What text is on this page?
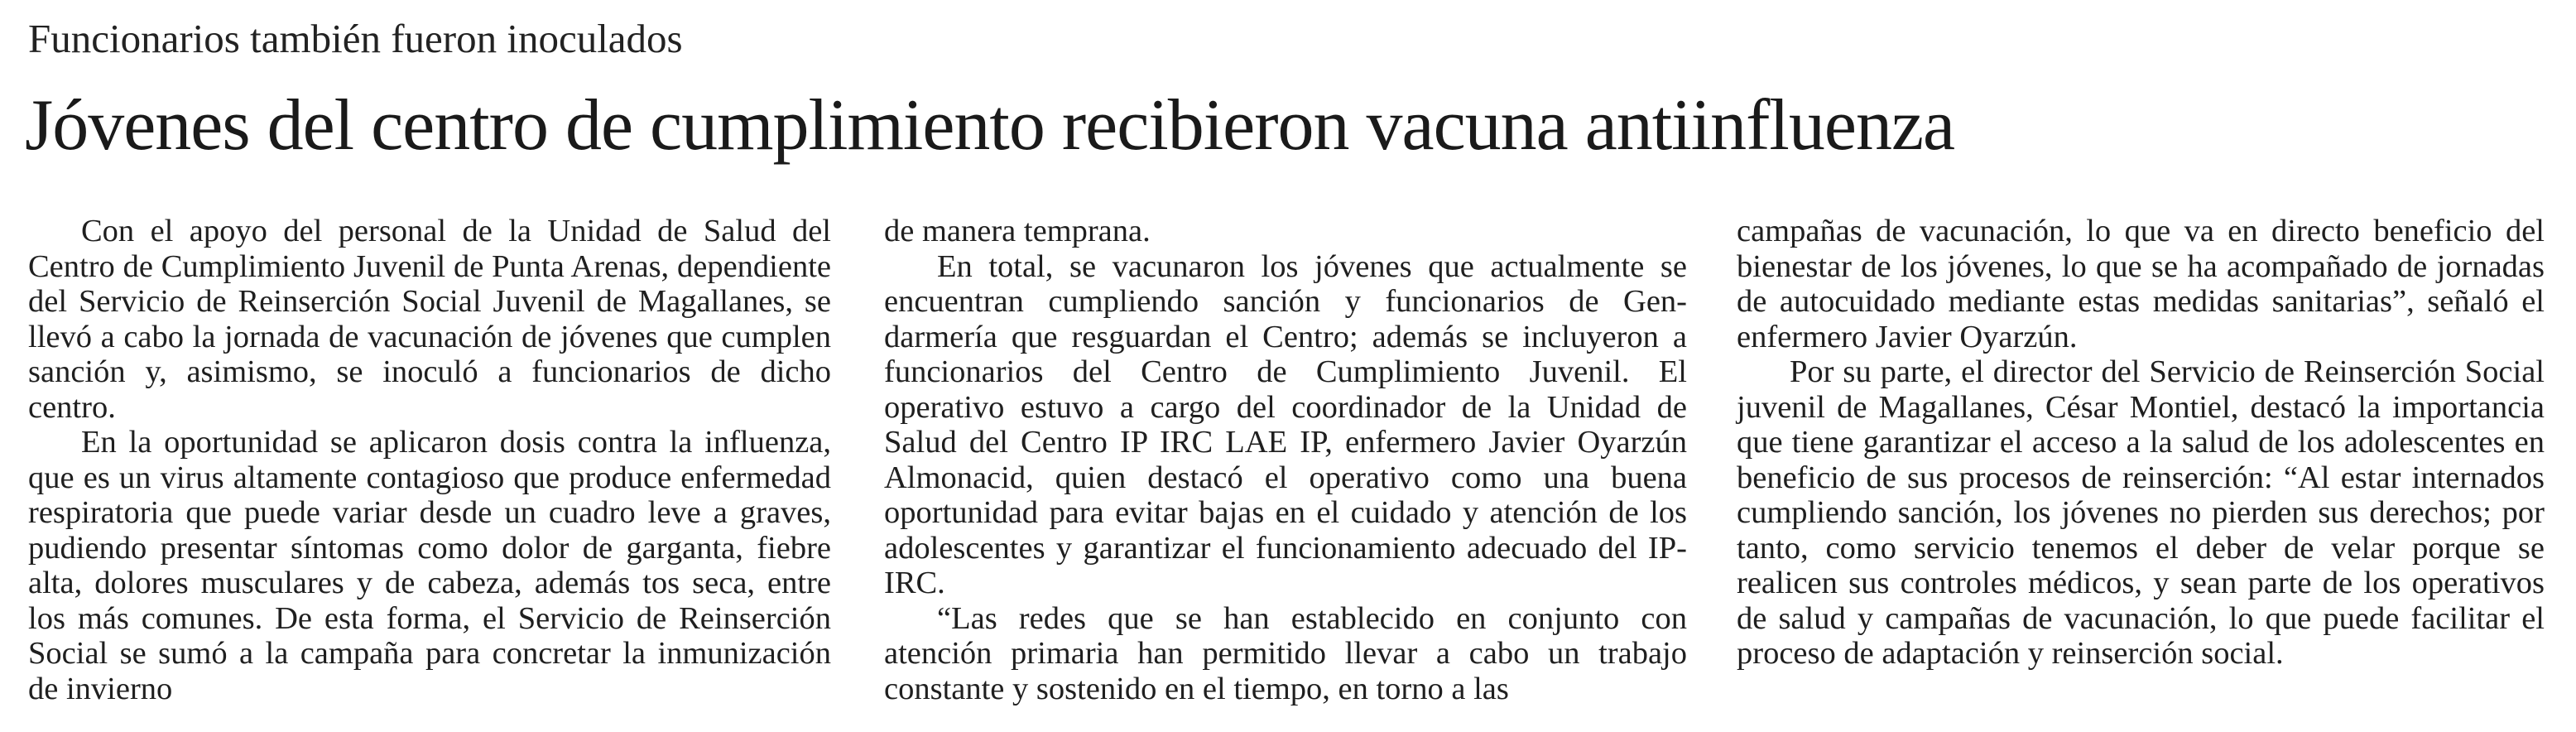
Funcionarios también fueron inoculados
Jóvenes del centro de cumplimiento recibieron vacuna antiinfluenza

Con el apoyo del personal de la Unidad de Salud del Centro de Cumplimiento Juvenil de Punta Arenas, dependiente del Servicio de Reinserción Social Juvenil de Magallanes, se llevó a cabo la jornada de vacunación de jóvenes que cumplen sanción y, asimismo, se inoculó a funcionarios de dicho centro.

En la oportunidad se aplicaron dosis contra la influenza, que es un virus altamente contagioso que produce enfermedad respiratoria que puede variar desde un cuadro leve a graves, pudiendo presentar síntomas como dolor de garganta, fiebre alta, dolores musculares y de cabeza, además tos seca, entre los más comunes. De esta forma, el Servicio de Reinserción Social se sumó a la campaña para concretar la inmunización de invierno

de manera temprana.

En total, se vacunaron los jóvenes que actualmente se encuentran cumpliendo sanción y funcionarios de Gendarmería que resguardan el Centro; además se incluyeron a funcionarios del Centro de Cumplimiento Juvenil. El operativo estuvo a cargo del coordinador de la Unidad de Salud del Centro IP IRC LAE IP, enfermero Javier Oyarzún Almonacid, quien destacó el operativo como una buena oportunidad para evitar bajas en el cuidado y atención de los adolescentes y garantizar el funcionamiento adecuado del IP-IRC.

“Las redes que se han establecido en conjunto con atención primaria han permitido llevar a cabo un trabajo constante y sostenido en el tiempo, en torno a las

campañas de vacunación, lo que va en directo beneficio del bienestar de los jóvenes, lo que se ha acompañado de jornadas de autocuidado mediante estas medidas sanitarias”, señaló el enfermero Javier Oyarzún.

Por su parte, el director del Servicio de Reinserción Social juvenil de Magallanes, César Montiel, destacó la importancia que tiene garantizar el acceso a la salud de los adolescentes en beneficio de sus procesos de reinserción: “Al estar internados cumpliendo sanción, los jóvenes no pierden sus derechos; por tanto, como servicio tenemos el deber de velar porque se realicen sus controles médicos, y sean parte de los operativos de salud y campañas de vacunación, lo que puede facilitar el proceso de adaptación y reinserción social.
